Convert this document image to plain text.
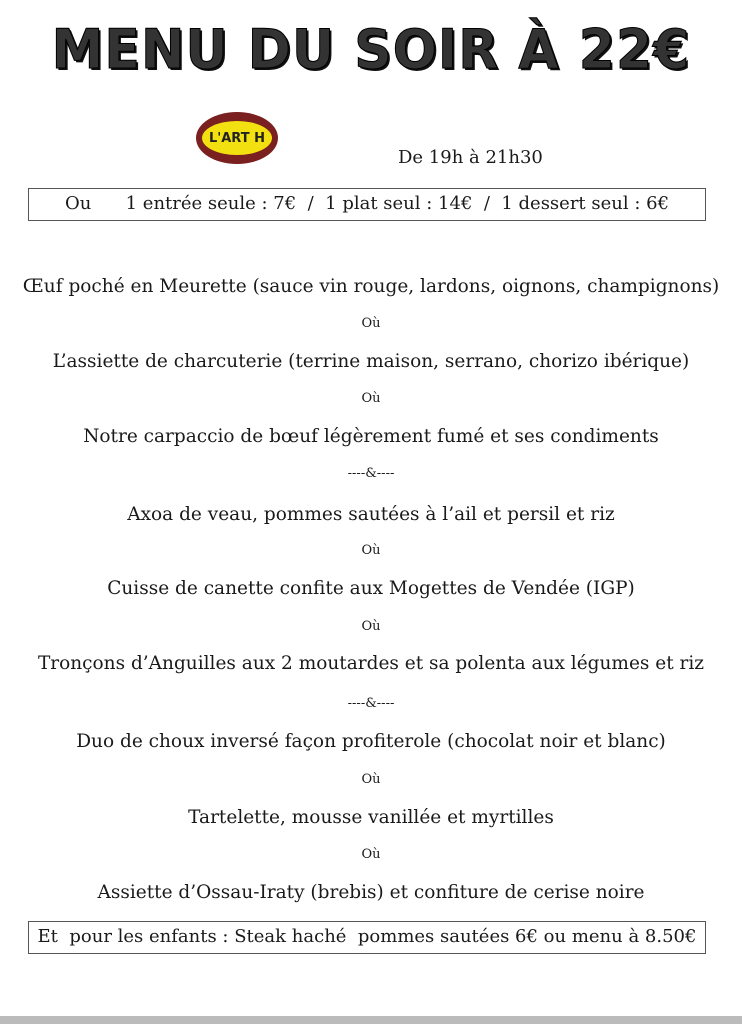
MENU DU SOIR À 22€
L'ART H
De 19h à 21h30
Ou      1 entrée seule : 7€  /  1 plat seul : 14€  /  1 dessert seul : 6€
Œuf poché en Meurette (sauce vin rouge, lardons, oignons, champignons)
Où
L’assiette de charcuterie (terrine maison, serrano, chorizo ibérique)
Où
Notre carpaccio de bœuf légèrement fumé et ses condiments
----&----
Axoa de veau, pommes sautées à l’ail et persil et riz
Où
Cuisse de canette confite aux Mogettes de Vendée (IGP)
Où
Tronçons d’Anguilles aux 2 moutardes et sa polenta aux légumes et riz
----&----
Duo de choux inversé façon profiterole (chocolat noir et blanc)
Où
Tartelette, mousse vanillée et myrtilles
Où
Assiette d’Ossau-Iraty (brebis) et confiture de cerise noire
Et  pour les enfants : Steak haché  pommes sautées 6€ ou menu à 8.50€
